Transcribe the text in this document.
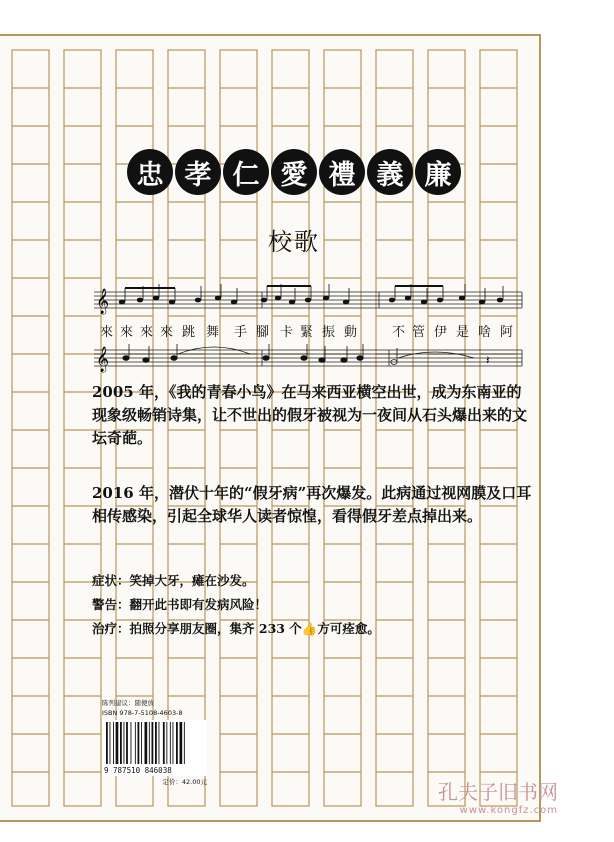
忠 孝 仁 愛 禮 義 廉
校歌
𝄞
𝄞
來 來 來 來 跳 舞 手 腳 卡 緊 振 動	不 管 伊 是 啥 阿
𝄽

2005 年，《我的青春小鸟》在马来西亚横空出世，成为东南亚的现象级畅销诗集，让不世出的假牙被视为一夜间从石头爆出来的文坛奇葩。

2016 年，潜伏十年的“假牙病”再次爆发。此病通过视网膜及口耳相传感染，引起全球华人读者惊惶，看得假牙差点掉出来。

症状：笑掉大牙，瘫在沙发。

警告：翻开此书即有发病风险！

治疗：拍照分享朋友圈，集齐 233 个👍方可痊愈。

陈列建议：随便放
ISBN 978-7-5108-4603-8
9 787510 846038
定价：42.00元	孔夫子旧书网
www.kongfz.com
